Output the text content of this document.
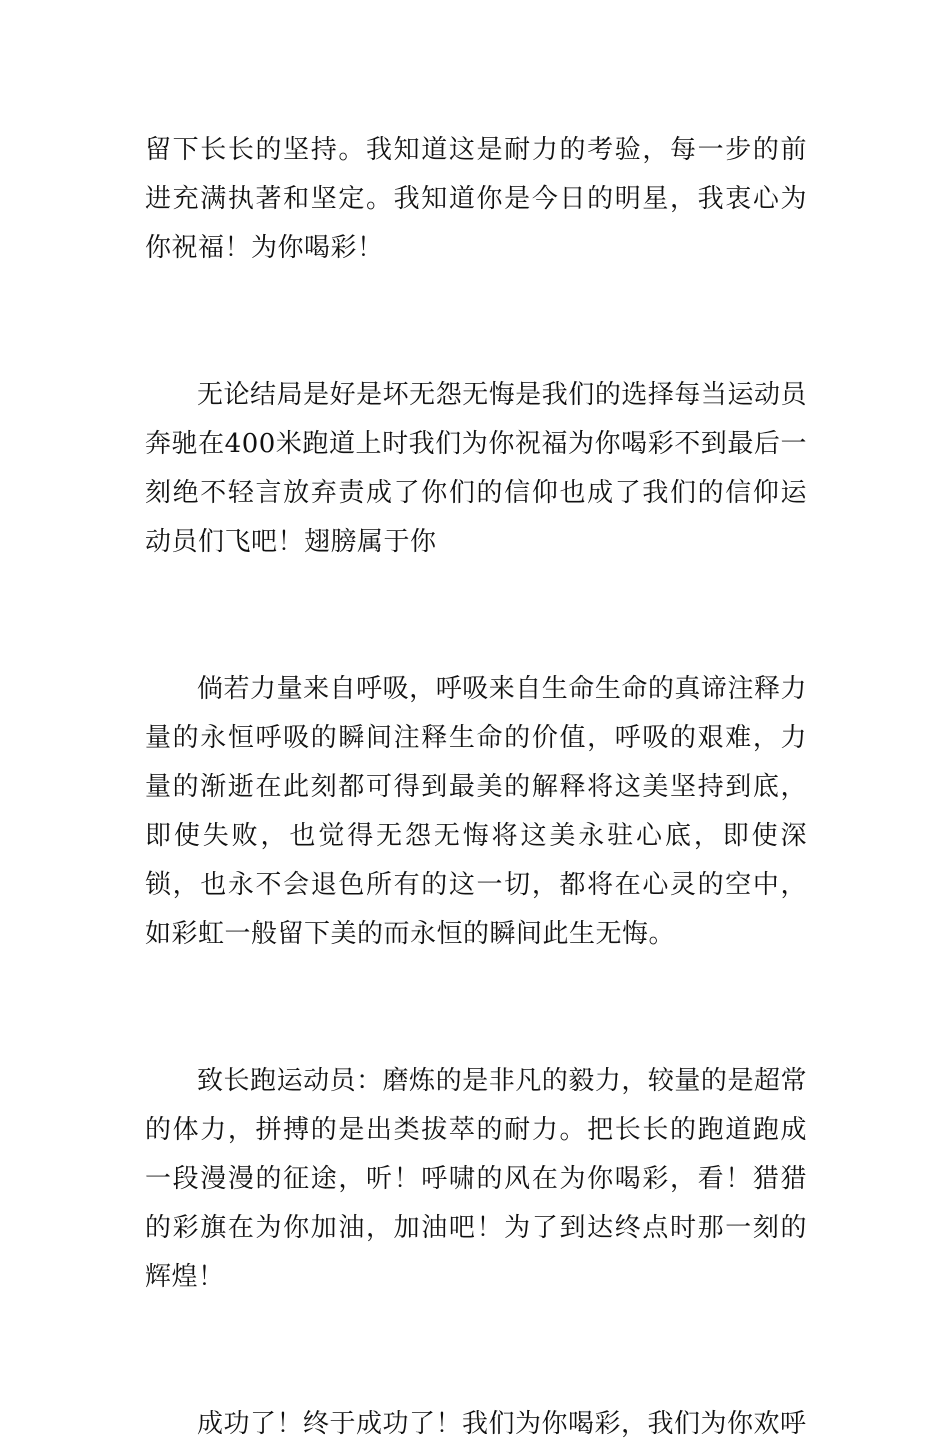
留下长长的坚持。我知道这是耐力的考验，每一步的前进充满执著和坚定。我知道你是今日的明星，我衷心为你祝福！为你喝彩！

无论结局是好是坏无怨无悔是我们的选择每当运动员奔驰在400米跑道上时我们为你祝福为你喝彩不到最后一刻绝不轻言放弃责成了你们的信仰也成了我们的信仰运动员们飞吧！翅膀属于你

倘若力量来自呼吸，呼吸来自生命生命的真谛注释力量的永恒呼吸的瞬间注释生命的价值，呼吸的艰难，力量的渐逝在此刻都可得到最美的解释将这美坚持到底，即使失败，也觉得无怨无悔将这美永驻心底，即使深锁，也永不会退色所有的这一切，都将在心灵的空中，如彩虹一般留下美的而永恒的瞬间此生无悔。

致长跑运动员：磨炼的是非凡的毅力，较量的是超常的体力，拼搏的是出类拔萃的耐力。把长长的跑道跑成一段漫漫的征途，听！呼啸的风在为你喝彩，看！猎猎的彩旗在为你加油，加油吧！为了到达终点时那一刻的辉煌！

成功了！终于成功了！我们为你喝彩，我们为你欢呼
